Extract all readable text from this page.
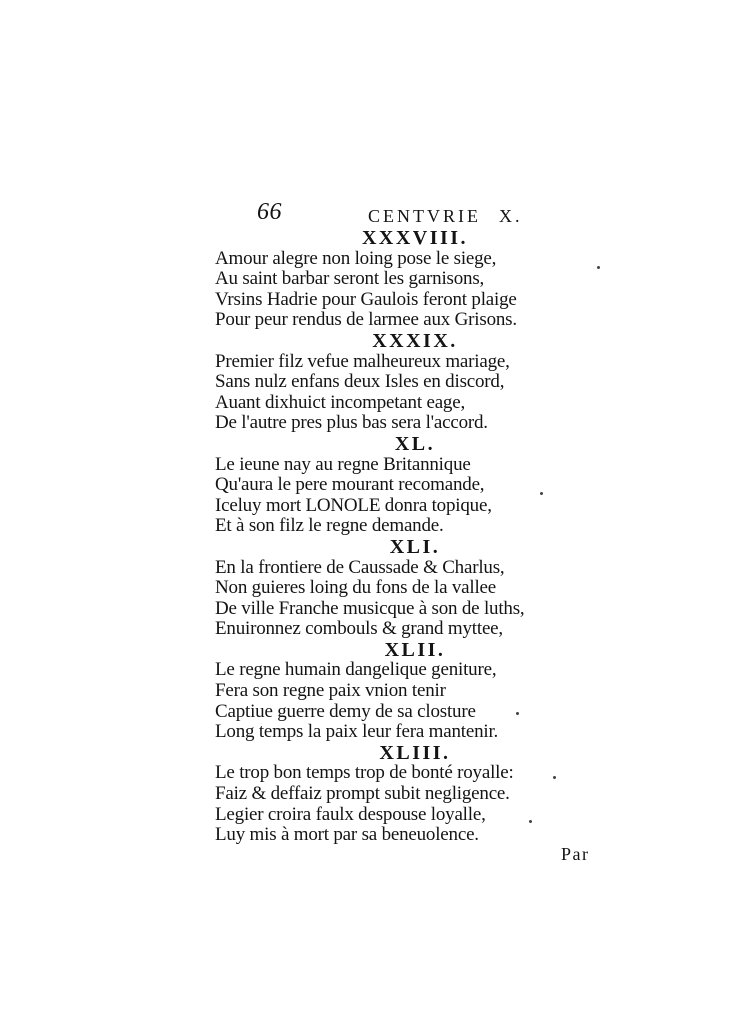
66	CENTVRIE X.
XXXVIII.
Amour alegre non loing pose le siege,
Au saint barbar seront les garnisons,
Vrsins Hadrie pour Gaulois feront plaige
Pour peur rendus de larmee aux Grisons.
XXXIX.
Premier filz vefue malheureux mariage,
Sans nulz enfans deux Isles en discord,
Auant dixhuict incompetant eage,
De l'autre pres plus bas sera l'accord.
XL.
Le ieune nay au regne Britannique
Qu'aura le pere mourant recomande,
Iceluy mort LONOLE donra topique,
Et à son filz le regne demande.
XLI.
En la frontiere de Caussade & Charlus,
Non guieres loing du fons de la vallee
De ville Franche musicque à son de luths,
Enuironnez combouls & grand myttee,
XLII.
Le regne humain dangelique geniture,
Fera son regne paix vnion tenir
Captiue guerre demy de sa closture
Long temps la paix leur fera mantenir.
XLIII.
Le trop bon temps trop de bonté royalle:
Faiz & deffaiz prompt subit negligence.
Legier croira faulx despouse loyalle,
Luy mis à mort par sa beneuolence.
Par
